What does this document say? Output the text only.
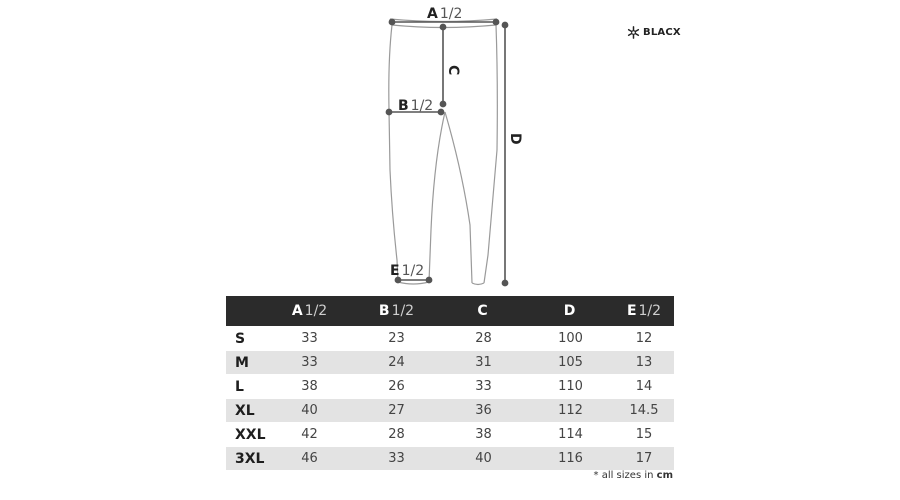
A 1/2
B 1/2
C
D
E 1/2
BLACX
	A 1/2	B 1/2	C	D	E 1/2
S	33	23	28	100	12
M	33	24	31	105	13
L	38	26	33	110	14
XL	40	27	36	112	14.5
XXL	42	28	38	114	15
3XL	46	33	40	116	17
* all sizes in cm
